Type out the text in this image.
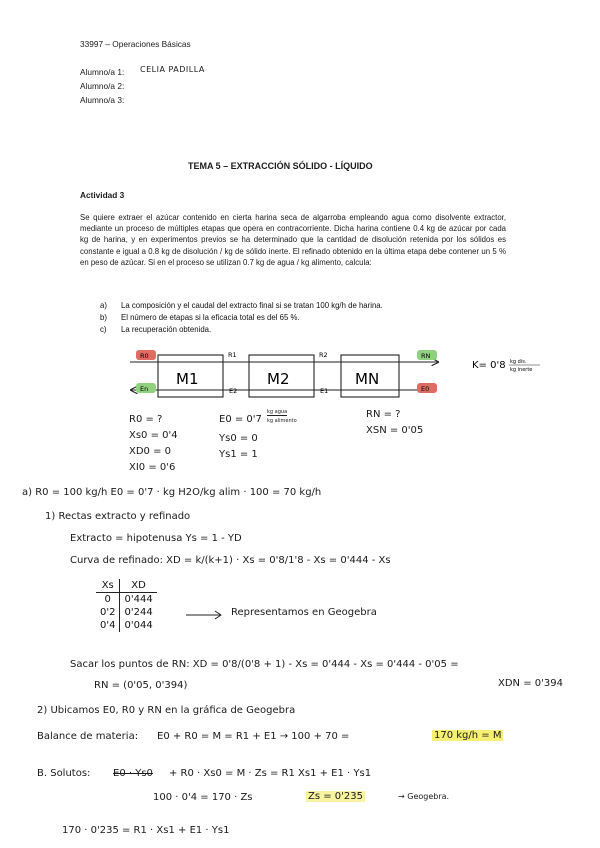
33997 – Operaciones Básicas
Alumno/a 1: CELIA PADILLA
Alumno/a 2:
Alumno/a 3:
TEMA 5 – EXTRACCIÓN SÓLIDO - LÍQUIDO
Actividad 3
Se quiere extraer el azúcar contenido en cierta harina seca de algarroba empleando agua como disolvente extractor, mediante un proceso de múltiples etapas que opera en contracorriente. Dicha harina contiene 0.4 kg de azúcar por cada kg de harina, y en experimentos previos se ha determinado que la cantidad de disolución retenida por los sólidos es constante e igual a 0.8 kg de disolución / kg de sólido inerte. El refinado obtenido en la última etapa debe contener un 5 % en peso de azúcar. Si en el proceso se utilizan 0.7 kg de agua / kg alimento, calcula:
a) La composición y el caudal del extracto final si se tratan 100 kg/h de harina.
b) El número de etapas si la eficacia total es del 65 %.
c) La recuperación obtenida.
M1	M2	MN
R1	R2
E2	E1
R0	RN
En	E0
K= 0'8 kg dis.
kg inerte
R0 = ?
Xs0 = 0'4
XD0 = 0
XI0 = 0'6
E0 = 0'7
kg agua
kg alimento
Ys0 = 0
Ys1 = 1
RN = ?
XSN = 0'05
a) R0 = 100 kg/h E0 = 0'7 · kg H2O/kg alim · 100 = 70 kg/h
1) Rectas extracto y refinado
Extracto = hipotenusa Ys = 1 - YD
Curva de refinado: XD = k/(k+1) · Xs = 0'8/1'8 - Xs = 0'444 - Xs
Xs	XD
0	0'444
0'2	0'244
0'4	0'044
Representamos en Geogebra
Sacar los puntos de RN: XD = 0'8/(0'8 + 1) - Xs = 0'444 - Xs = 0'444 - 0'05 =
RN = (0'05, 0'394)	XDN = 0'394
2) Ubicamos E0, R0 y RN en la gráfica de Geogebra
Balance de materia: E0 + R0 = M = R1 + E1 → 100 + 70 =	170 kg/h = M
B. Solutos: E0 · Ys0 + R0 · Xs0 = M · Zs = R1 Xs1 + E1 · Ys1
100 · 0'4 = 170 · Zs	Zs = 0'235	→ Geogebra.
170 · 0'235 = R1 · Xs1 + E1 · Ys1
